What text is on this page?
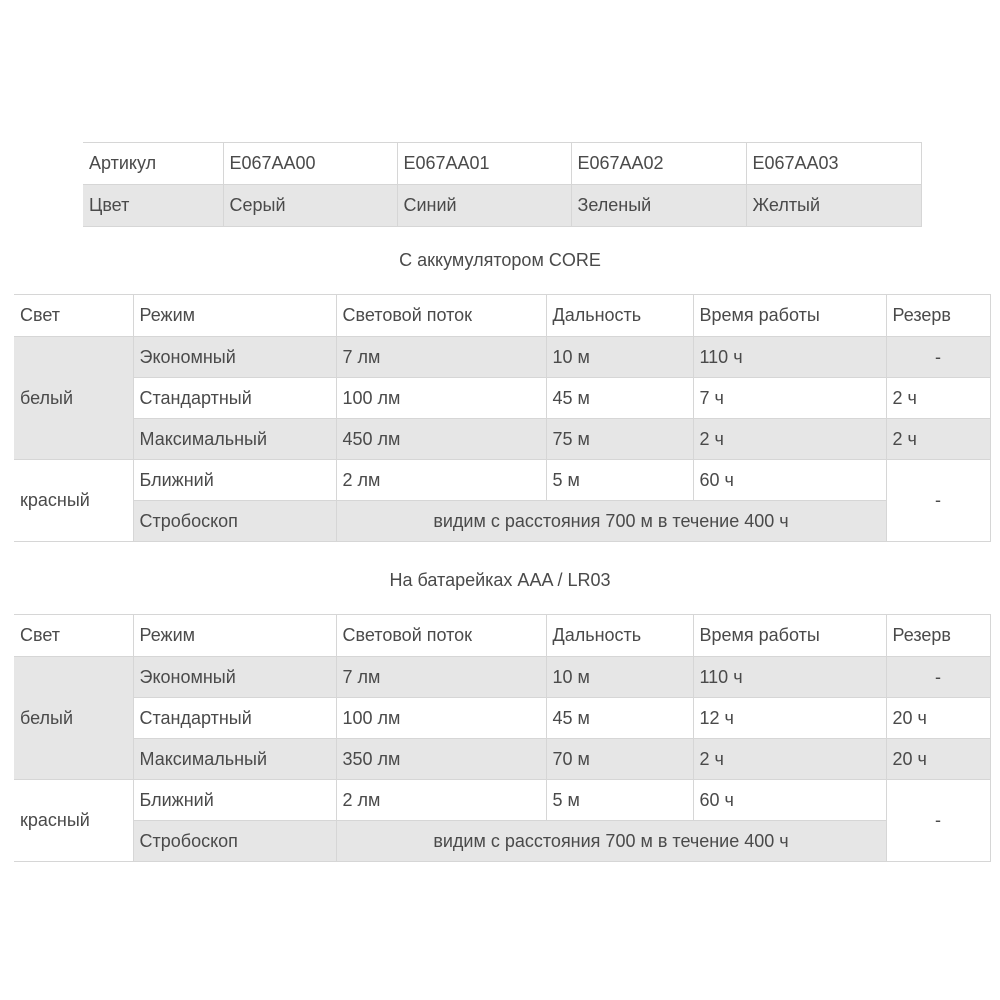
Артикул	E067AA00	E067AA01	E067AA02	E067AA03
Цвет	Серый	Синий	Зеленый	Желтый
С аккумулятором CORE
Свет	Режим	Световой поток	Дальность	Время работы	Резерв
белый	Экономный	7 лм	10 м	110 ч	-
	Стандартный	100 лм	45 м	7 ч	2 ч
	Максимальный	450 лм	75 м	2 ч	2 ч
красный	Ближний	2 лм	5 м	60 ч	-
	Стробоскоп	видим с расстояния 700 м в течение 400 ч			
На батарейках AAA / LR03
Свет	Режим	Световой поток	Дальность	Время работы	Резерв
белый	Экономный	7 лм	10 м	110 ч	-
	Стандартный	100 лм	45 м	12 ч	20 ч
	Максимальный	350 лм	70 м	2 ч	20 ч
красный	Ближний	2 лм	5 м	60 ч	-
	Стробоскоп	видим с расстояния 700 м в течение 400 ч			
